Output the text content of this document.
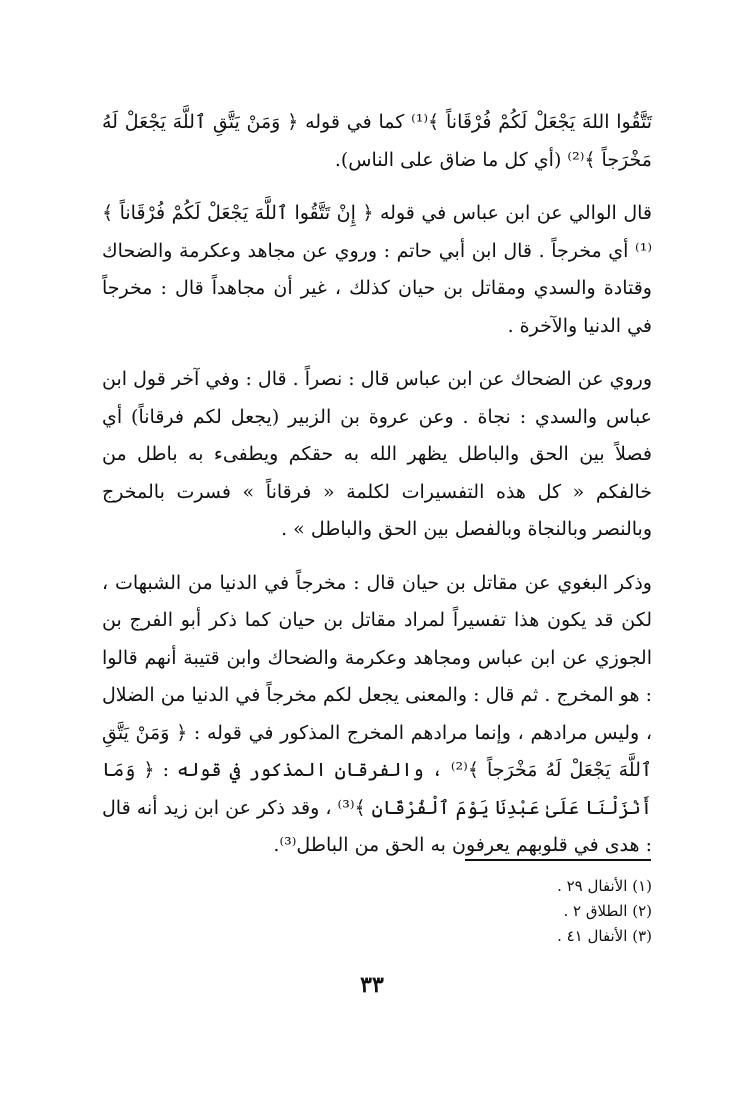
تَتَّقُوا اللهَ يَجْعَلْ لَكُمْ فُرْقَاناً ﴾⁽¹⁾ كما في قوله ﴿ وَمَنْ يَتَّقِ ٱللَّهَ يَجْعَلْ لَهُ مَخْرَجاً ﴾⁽²⁾ (أي كل ما ضاق على الناس).

قال الوالي عن ابن عباس في قوله ﴿ إِنْ تَتَّقُوا ٱللَّهَ يَجْعَلْ لَكُمْ فُرْقَاناً ﴾⁽¹⁾ أي مخرجاً . قال ابن أبي حاتم : وروي عن مجاهد وعكرمة والضحاك وقتادة والسدي ومقاتل بن حيان كذلك ، غير أن مجاهداً قال : مخرجاً في الدنيا والآخرة .

وروي عن الضحاك عن ابن عباس قال : نصراً . قال : وفي آخر قول ابن عباس والسدي : نجاة . وعن عروة بن الزبير (يجعل لكم فرقاناً) أي فصلاً بين الحق والباطل يظهر الله به حقكم ويطفىء به باطل من خالفكم « كل هذه التفسيرات لكلمة « فرقاناً » فسرت بالمخرج وبالنصر وبالنجاة وبالفصل بين الحق والباطل » .

وذكر البغوي عن مقاتل بن حيان قال : مخرجاً في الدنيا من الشبهات ، لكن قد يكون هذا تفسيراً لمراد مقاتل بن حيان كما ذكر أبو الفرج بن الجوزي عن ابن عباس ومجاهد وعكرمة والضحاك وابن قتيبة أنهم قالوا : هو المخرج . ثم قال : والمعنى يجعل لكم مخرجاً في الدنيا من الضلال ، وليس مرادهم ، وإنما مرادهم المخرج المذكور في قوله : ﴿ وَمَنْ يَتَّقِ ٱللَّهَ يَجْعَلْ لَهُ مَخْرَجاً ﴾⁽²⁾ ، والفرقان المذكور في قوله : ﴿ وَمَا أَنْزَلْنَا عَلَىٰ عَبْدِنَا يَوْمَ ٱلْفُرْقَانِ ﴾⁽³⁾ ، وقد ذكر عن ابن زيد أنه قال : هدى في قلوبهم يعرفون به الحق من الباطل⁽³⁾.

(١) الأنفال ٢٩ .
(٢) الطلاق ٢ .
(٣) الأنفال ٤١ .
٣٣
